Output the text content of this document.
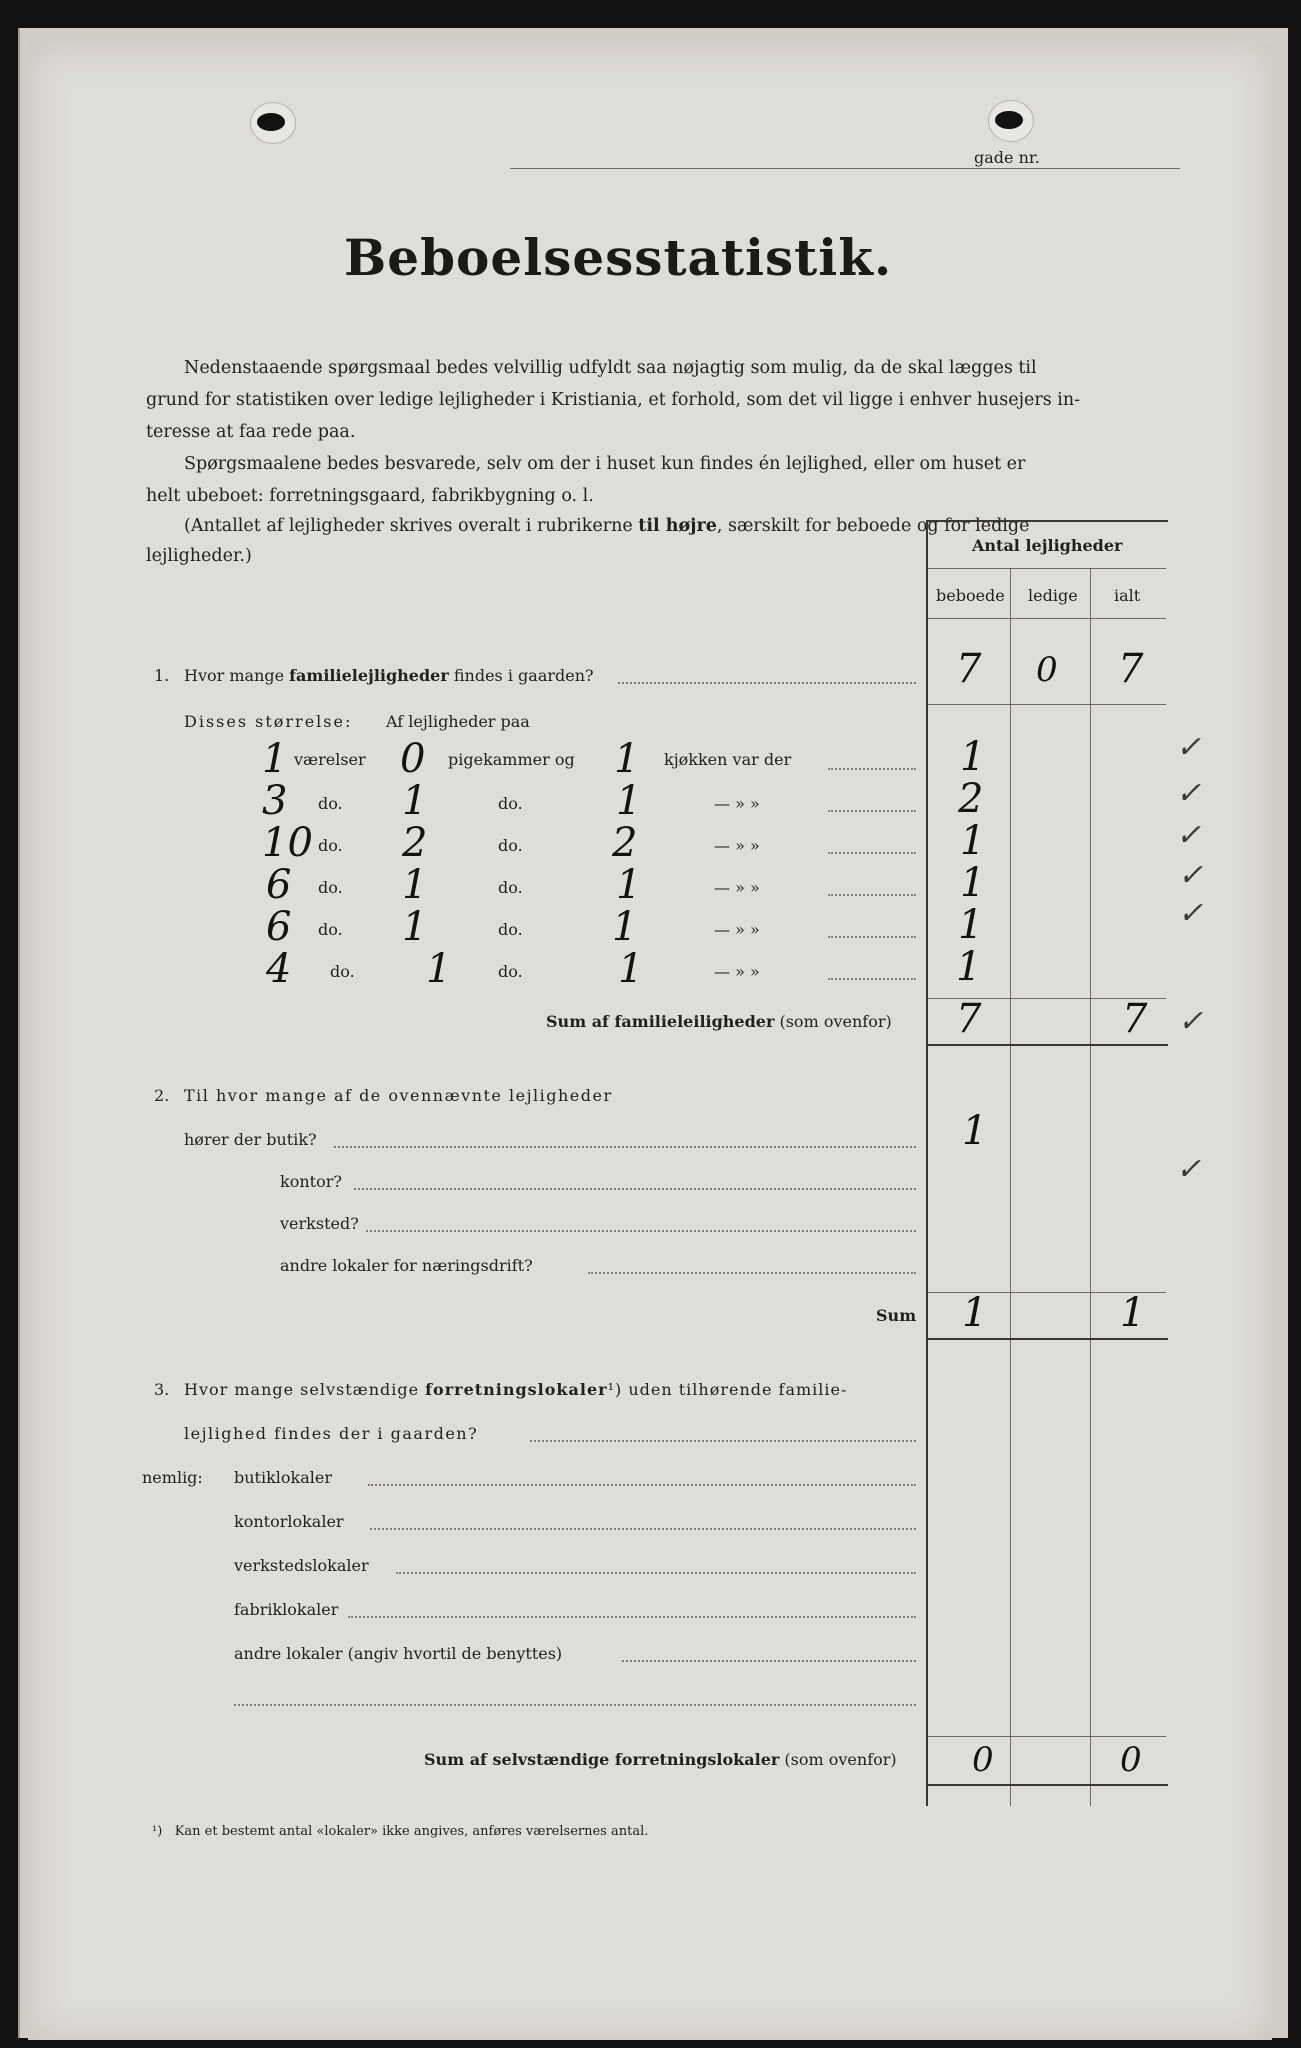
gade nr.
Beboelsesstatistik.
Nedenstaaende spørgsmaal bedes velvillig udfyldt saa nøjagtig som mulig, da de skal lægges til
grund for statistiken over ledige lejligheder i Kristiania, et forhold, som det vil ligge i enhver husejers in-
teresse at faa rede paa.
Spørgsmaalene bedes besvarede, selv om der i huset kun findes én lejlighed, eller om huset er
helt ubeboet: forretningsgaard, fabrikbygning o. l.
(Antallet af lejligheder skrives overalt i rubrikerne til højre, særskilt for beboede og for ledige
lejligheder.)
Antal lejligheder
beboede ledige ialt
1. Hvor mange familielejligheder findes i gaarden?	7 0 7
Disses størrelse: Af lejligheder paa
1 værelser 0 pigekammer og 1 kjøkken var der	1
3 do. 1	do. 1	— » »	2
10 do. 2	do. 2	— » »	1
6 do. 1	do. 1	— » »	1
6 do. 1	do. 1	— » »	1
4 do. 1	do. 1	— » »	1
Sum af familieleiligheder (som ovenfor) 7	7
2. Til hvor mange af de ovennævnte lejligheder
hører der butik?	1
kontor?
verksted?
andre lokaler for næringsdrift?
Sum 1	1
3. Hvor mange selvstændige forretningslokaler¹) uden tilhørende familie-
lejlighed findes der i gaarden?
nemlig: butiklokaler
kontorlokaler
verkstedslokaler
fabriklokaler
andre lokaler (angiv hvortil de benyttes)
Sum af selvstændige forretningslokaler (som ovenfor) 0	0
¹) Kan et bestemt antal «lokaler» ikke angives, anføres værelsernes antal.
✓
✓
✓
✓
✓
✓
✓
